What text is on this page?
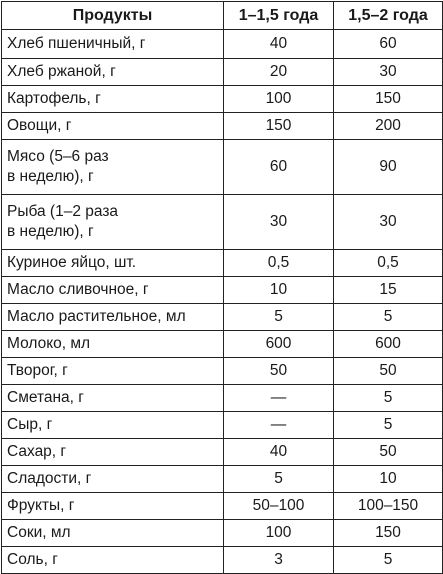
Продукты	1–1,5 года	1,5–2 года
Хлеб пшеничный, г	40	60
Хлеб ржаной, г	20	30
Картофель, г	100	150
Овощи, г	150	200
Мясо (5–6 раз
в неделю), г	60	90
Рыба (1–2 раза
в неделю), г	30	30
Куриное яйцо, шт.	0,5	0,5
Масло сливочное, г	10	15
Масло растительное, мл	5	5
Молоко, мл	600	600
Творог, г	50	50
Сметана, г	—	5
Сыр, г	—	5
Сахар, г	40	50
Сладости, г	5	10
Фрукты, г	50–100	100–150
Соки, мл	100	150
Соль, г	3	5
